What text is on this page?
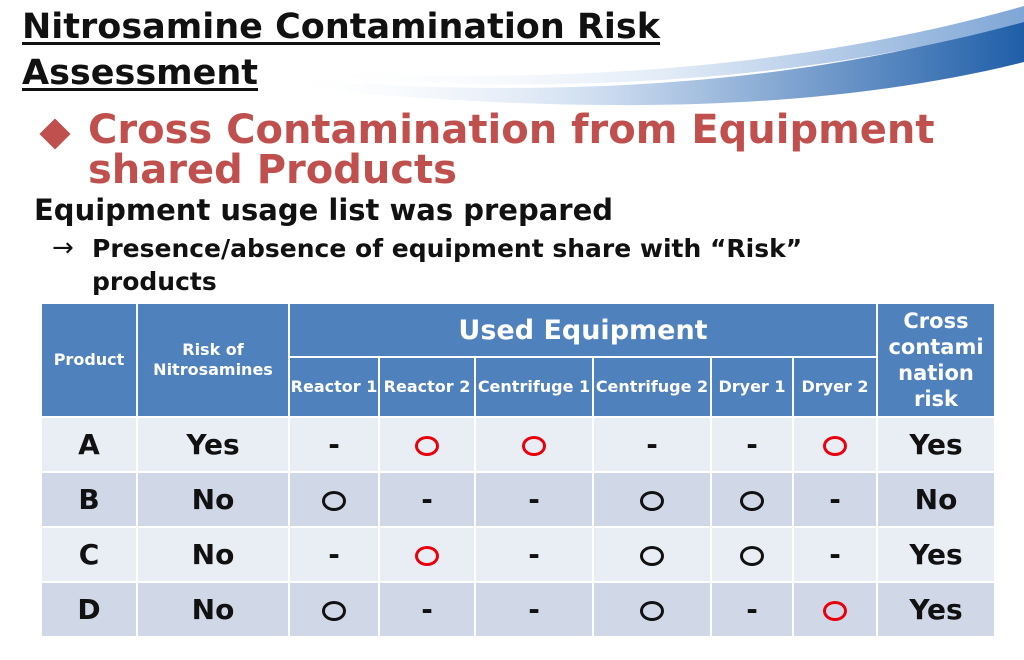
Nitrosamine Contamination Risk Assessment
Cross Contamination from Equipment shared Products

Equipment usage list was prepared

→ Presence/absence of equipment share with “Risk” products

Product	Risk of Nitrosamines	Used Equipment						Cross contami nation risk
		Reactor 1	Reactor 2	Centrifuge 1	Centrifuge 2	Dryer 1	Dryer 2	
A	Yes	-			-	-		Yes
B	No		-	-			-	No
C	No	-		-			-	Yes
D	No		-	-		-		Yes
